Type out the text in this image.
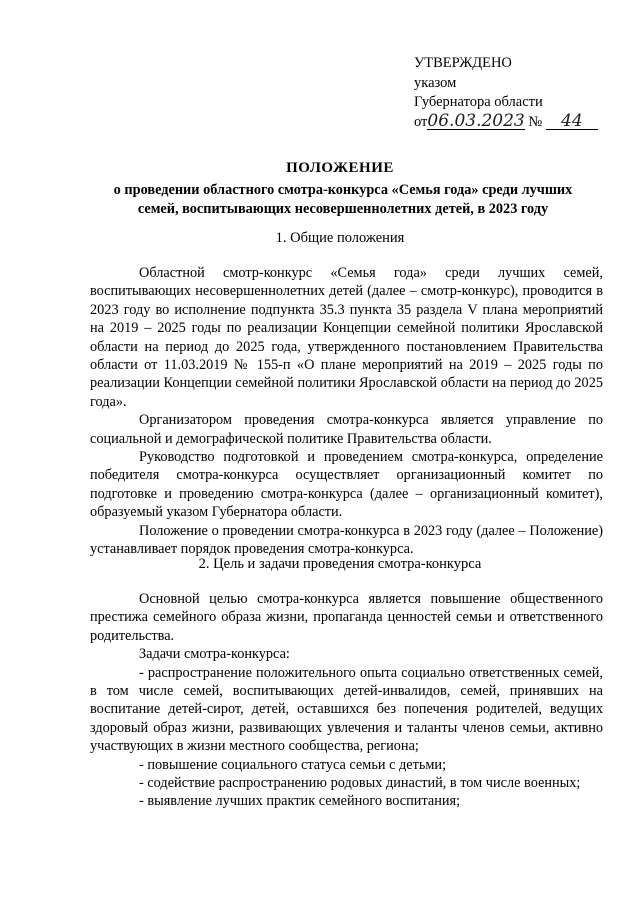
УТВЕРЖДЕНО
указом
Губернатора области
от06.03.2023 № 44
ПОЛОЖЕНИЕ
о проведении областного смотра-конкурса «Семья года» среди лучших семей, воспитывающих несовершеннолетних детей, в 2023 году
1. Общие положения

Областной смотр-конкурс «Семья года» среди лучших семей, воспитывающих несовершеннолетних детей (далее – смотр-конкурс), проводится в 2023 году во исполнение подпункта 35.3 пункта 35 раздела V плана мероприятий на 2019 – 2025 годы по реализации Концепции семейной политики Ярославской области на период до 2025 года, утвержденного постановлением Правительства области от 11.03.2019 № 155-п «О плане мероприятий на 2019 – 2025 годы по реализации Концепции семейной политики Ярославской области на период до 2025 года».

Организатором проведения смотра-конкурса является управление по социальной и демографической политике Правительства области.

Руководство подготовкой и проведением смотра-конкурса, определение победителя смотра-конкурса осуществляет организационный комитет по подготовке и проведению смотра-конкурса (далее – организационный комитет), образуемый указом Губернатора области.

Положение о проведении смотра-конкурса в 2023 году (далее – Положение) устанавливает порядок проведения смотра-конкурса.

2. Цель и задачи проведения смотра-конкурса

Основной целью смотра-конкурса является повышение общественного престижа семейного образа жизни, пропаганда ценностей семьи и ответственного родительства.

Задачи смотра-конкурса:

- распространение положительного опыта социально ответственных семей, в том числе семей, воспитывающих детей-инвалидов, семей, принявших на воспитание детей-сирот, детей, оставшихся без попечения родителей, ведущих здоровый образ жизни, развивающих увлечения и таланты членов семьи, активно участвующих в жизни местного сообщества, региона;

- повышение социального статуса семьи с детьми;

- содействие распространению родовых династий, в том числе военных;

- выявление лучших практик семейного воспитания;
